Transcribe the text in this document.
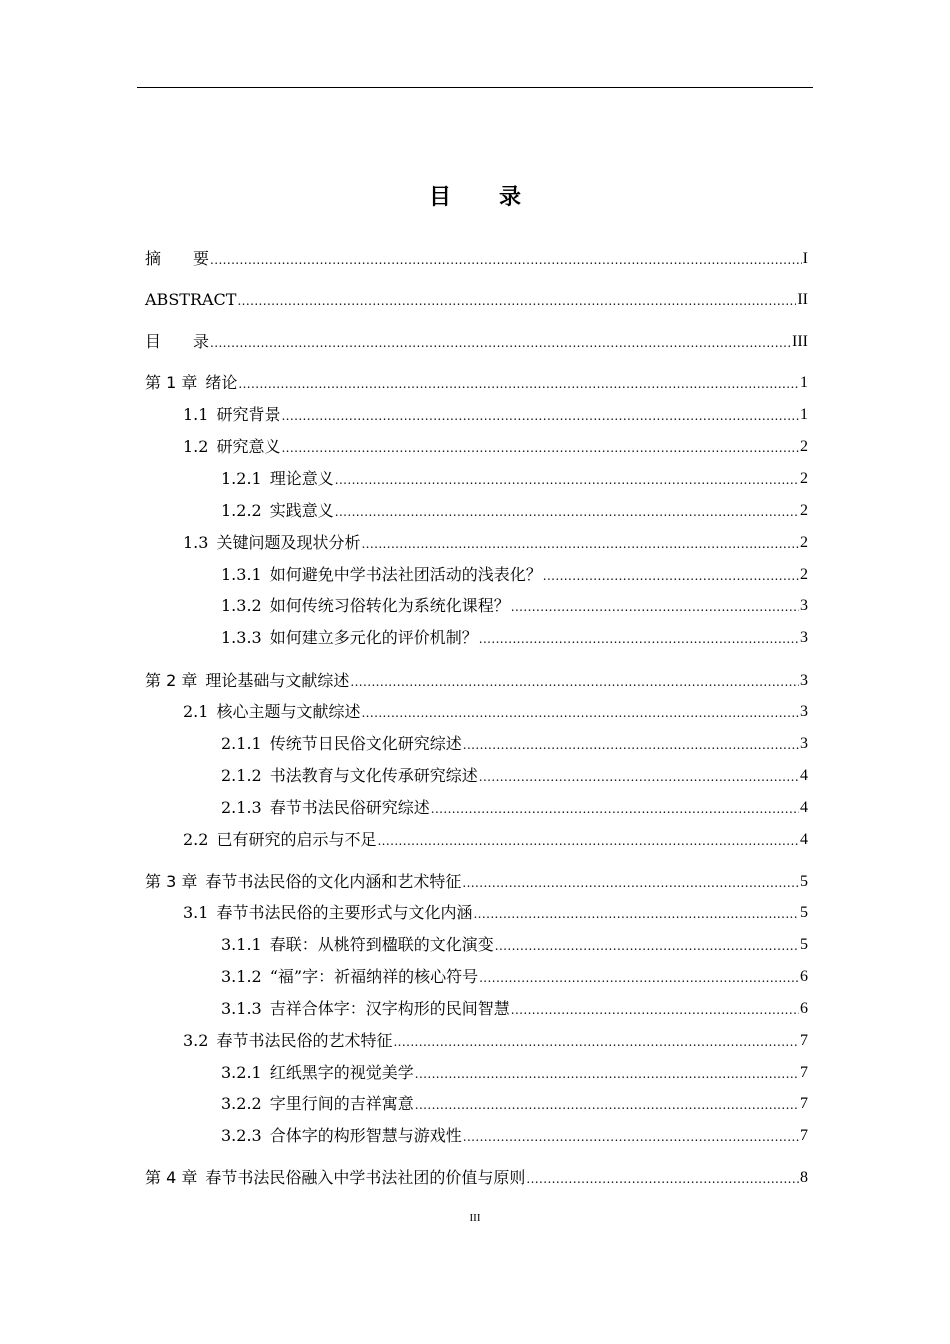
目 录
摘　　要 .....	I
ABSTRACT .....	II
目　　录 .....	III
第 1 章 绪论 .....	1
1.1 研究背景 .....	1
1.2 研究意义 .....	2
1.2.1 理论意义 .....	2
1.2.2 实践意义 .....	2
1.3 关键问题及现状分析 .....	2
1.3.1 如何避免中学书法社团活动的浅表化？ .....	2
1.3.2 如何传统习俗转化为系统化课程？ .....	3
1.3.3 如何建立多元化的评价机制？ .....	3
第 2 章 理论基础与文献综述 .....	3
2.1 核心主题与文献综述 .....	3
2.1.1 传统节日民俗文化研究综述 .....	3
2.1.2 书法教育与文化传承研究综述 .....	4
2.1.3 春节书法民俗研究综述 .....	4
2.2 已有研究的启示与不足 .....	4
第 3 章 春节书法民俗的文化内涵和艺术特征 .....	5
3.1 春节书法民俗的主要形式与文化内涵 .....	5
3.1.1 春联：从桃符到楹联的文化演变 .....	5
3.1.2 “福”字：祈福纳祥的核心符号 .....	6
3.1.3 吉祥合体字：汉字构形的民间智慧 .....	6
3.2 春节书法民俗的艺术特征 .....	7
3.2.1 红纸黑字的视觉美学 .....	7
3.2.2 字里行间的吉祥寓意 .....	7
3.2.3 合体字的构形智慧与游戏性 .....	7
第 4 章 春节书法民俗融入中学书法社团的价值与原则 .....	8
III
